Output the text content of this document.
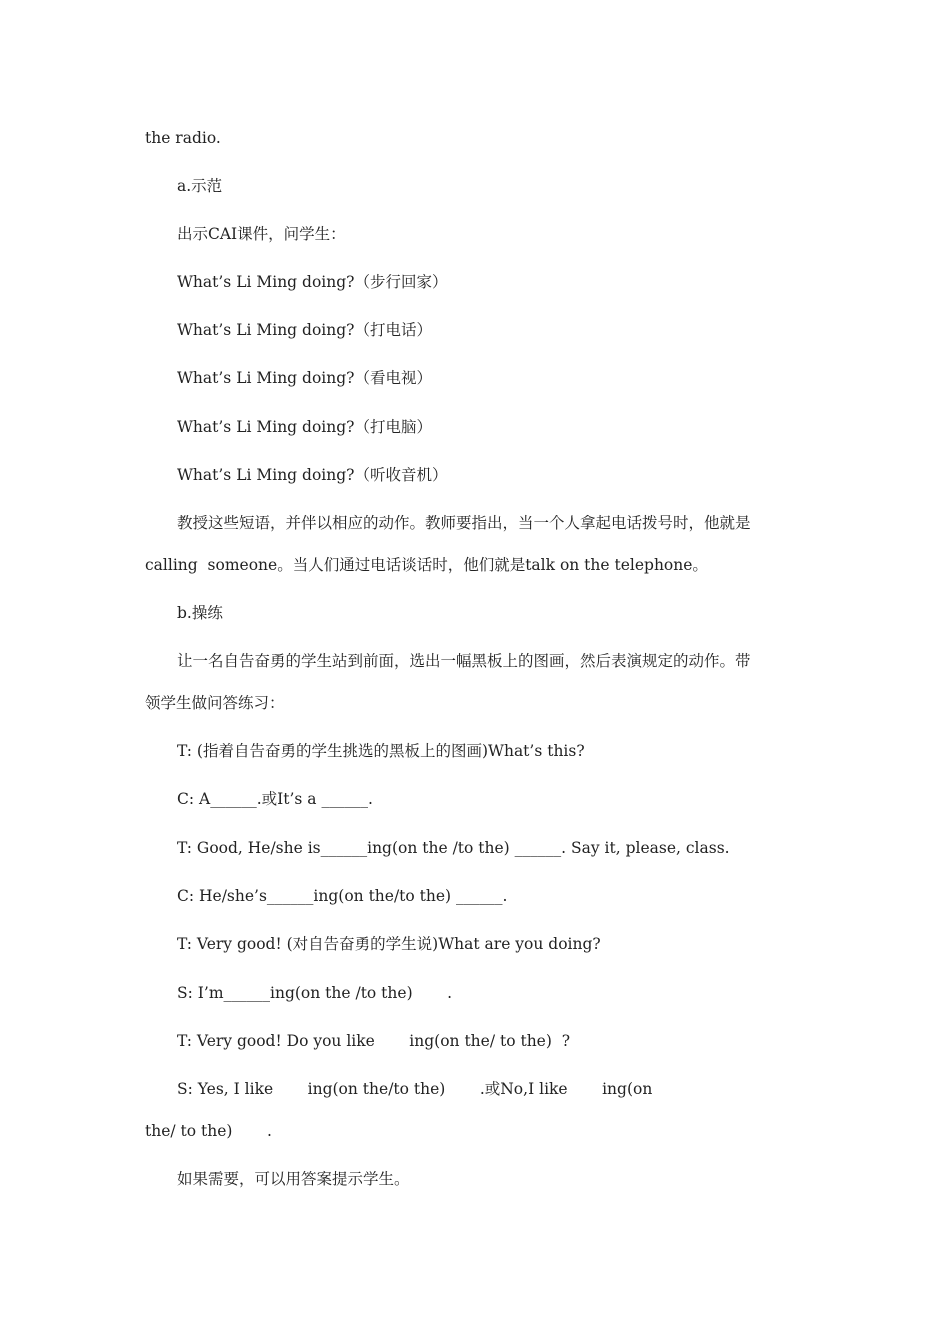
the radio.
a.示范
出示CAI课件，问学生：
What’s Li Ming doing?（步行回家）
What’s Li Ming doing?（打电话）
What’s Li Ming doing?（看电视）
What’s Li Ming doing?（打电脑）
What’s Li Ming doing?（听收音机）
教授这些短语，并伴以相应的动作。教师要指出，当一个人拿起电话拨号时，他就是
calling  someone。当人们通过电话谈话时，他们就是talk on the telephone。
b.操练
让一名自告奋勇的学生站到前面，选出一幅黑板上的图画，然后表演规定的动作。带
领学生做问答练习：
T: (指着自告奋勇的学生挑选的黑板上的图画)What’s this?
C: A______.或It’s a ______.
T: Good, He/she is______ing(on the /to the) ______. Say it, please, class.
C: He/she’s______ing(on the/to the) ______.
T: Very good! (对自告奋勇的学生说)What are you doing?
S: I’m______ing(on the /to the)       .
T: Very good! Do you like       ing(on the/ to the)  ?
S: Yes, I like       ing(on the/to the)       .或No,I like       ing(on
the/ to the)       .
如果需要，可以用答案提示学生。
